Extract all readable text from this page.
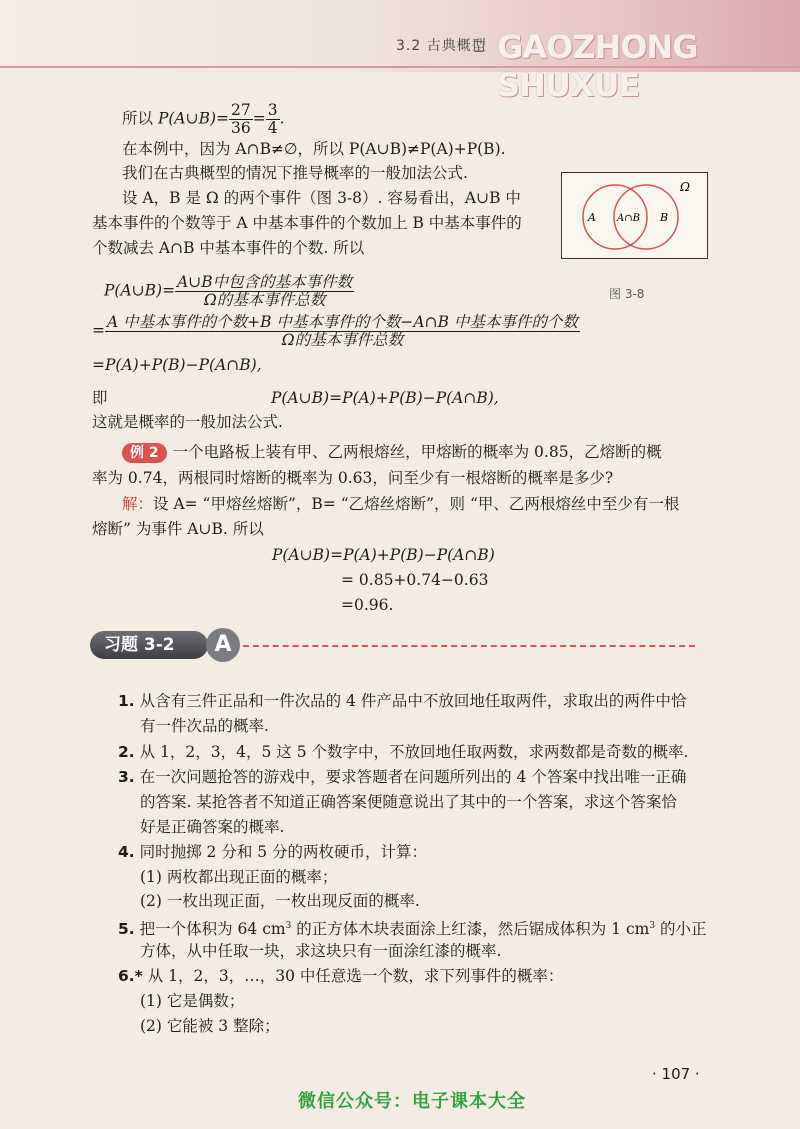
3.2 古典概型 GAOZHONG SHUXUE
所以 P(A∪B)= $\frac{27}{36} = \frac{3}{4}$ .
在本例中，因为 A∩B≠∅，所以 P(A∪B)≠P(A)+P(B).
我们在古典概型的情况下推导概率的一般加法公式.
设 A，B 是 Ω 的两个事件（图 3-8）. 容易看出，A∪B 中
基本事件的个数等于 A 中基本事件的个数加上 B 中基本事件的
个数减去 A∩B 中基本事件的个数. 所以
Ω
A A∩B B
图 3-8
P(A∪B)= $\frac{\text{A∪B中包含的基本事件数}}{\text{Ω的基本事件总数}}$
= $\frac{\text{A 中基本事件的个数+B 中基本事件的个数−A∩B 中基本事件的个数}}{\text{Ω的基本事件总数}}$
=P(A)+P(B)−P(A∩B),
即	P(A∪B)=P(A)+P(B)−P(A∩B),
这就是概率的一般加法公式.
例 2 一个电路板上装有甲、乙两根熔丝，甲熔断的概率为 0.85，乙熔断的概
率为 0.74，两根同时熔断的概率为 0.63，问至少有一根熔断的概率是多少?
解：设 A= “甲熔丝熔断”，B= “乙熔丝熔断”，则 “甲、乙两根熔丝中至少有一根
熔断” 为事件 A∪B. 所以
P(A∪B)=P(A)+P(B)−P(A∩B)
= 0.85+0.74−0.63
=0.96.
习题 3-2	A
1. 从含有三件正品和一件次品的 4 件产品中不放回地任取两件，求取出的两件中恰
有一件次品的概率.
2. 从 1，2，3，4，5 这 5 个数字中，不放回地任取两数，求两数都是奇数的概率.
3. 在一次问题抢答的游戏中，要求答题者在问题所列出的 4 个答案中找出唯一正确
的答案. 某抢答者不知道正确答案便随意说出了其中的一个答案，求这个答案恰
好是正确答案的概率.
4. 同时抛掷 2 分和 5 分的两枚硬币，计算：
(1) 两枚都出现正面的概率；
(2) 一枚出现正面，一枚出现反面的概率.
5. 把一个体积为 64 $cm^3$ 的正方体木块表面涂上红漆，然后锯成体积为 1 $cm^3$ 的小正
方体，从中任取一块，求这块只有一面涂红漆的概率.
6.* 从 1，2，3，…，30 中任意选一个数，求下列事件的概率：
(1) 它是偶数；
(2) 它能被 3 整除；
· 107 ·
微信公众号：电子课本大全
